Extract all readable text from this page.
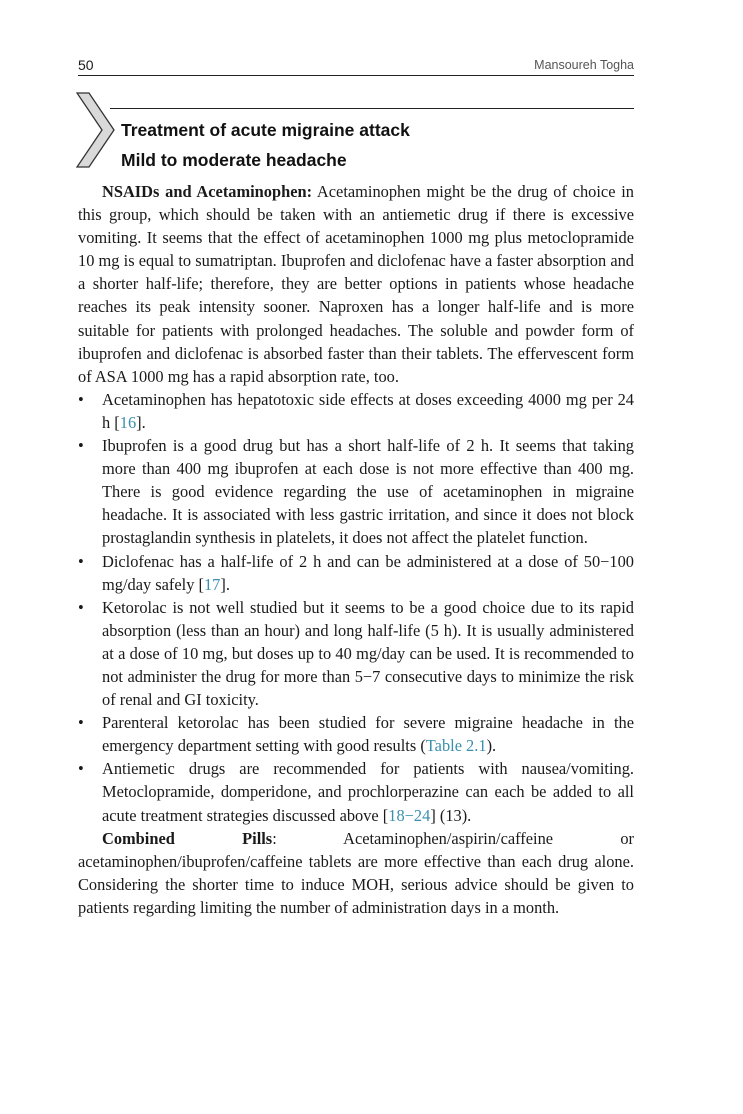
50	Mansoureh Togha
Treatment of acute migraine attack
Mild to moderate headache

NSAIDs and Acetaminophen: Acetaminophen might be the drug of choice in this group, which should be taken with an antiemetic drug if there is excessive vomiting. It seems that the effect of acetaminophen 1000 mg plus metoclopramide 10 mg is equal to sumatriptan. Ibuprofen and diclofenac have a faster absorption and a shorter half-life; therefore, they are better options in patients whose headache reaches its peak intensity sooner. Naproxen has a longer half-life and is more suitable for patients with prolonged headaches. The soluble and powder form of ibuprofen and diclofenac is absorbed faster than their tablets. The effervescent form of ASA 1000 mg has a rapid absorption rate, too.

• Acetaminophen has hepatotoxic side effects at doses exceeding 4000 mg per 24 h [16].
• Ibuprofen is a good drug but has a short half-life of 2 h. It seems that taking more than 400 mg ibuprofen at each dose is not more effective than 400 mg. There is good evidence regarding the use of acetaminophen in migraine headache. It is associated with less gastric irritation, and since it does not block prostaglandin synthesis in platelets, it does not affect the platelet function.
• Diclofenac has a half-life of 2 h and can be administered at a dose of 50−100 mg/day safely [17].
• Ketorolac is not well studied but it seems to be a good choice due to its rapid absorption (less than an hour) and long half-life (5 h). It is usually administered at a dose of 10 mg, but doses up to 40 mg/day can be used. It is recommended to not administer the drug for more than 5−7 consecutive days to minimize the risk of renal and GI toxicity.
• Parenteral ketorolac has been studied for severe migraine headache in the emergency department setting with good results (Table 2.1).
• Antiemetic drugs are recommended for patients with nausea/vomiting. Metoclopramide, domperidone, and prochlorperazine can each be added to all acute treatment strategies discussed above [18−24] (13).

Combined Pills: Acetaminophen/aspirin/caffeine or acetaminophen/ibuprofen/caffeine tablets are more effective than each drug alone. Considering the shorter time to induce MOH, serious advice should be given to patients regarding limiting the number of administration days in a month.
